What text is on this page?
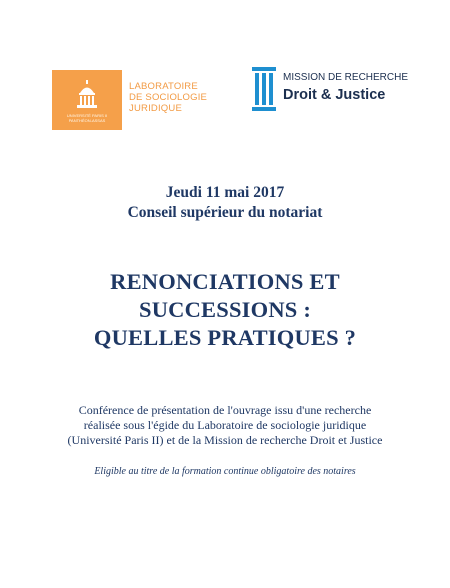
UNIVERSITÉ PARIS II
PANTHÉON-ASSAS
LABORATOIRE
DE SOCIOLOGIE
JURIDIQUE
MISSION DE RECHERCHE
Droit & Justice
Jeudi 11 mai 2017
Conseil supérieur du notariat
RENONCIATIONS ET
SUCCESSIONS :
QUELLES PRATIQUES ?
Conférence de présentation de l'ouvrage issu d'une recherche
réalisée sous l'égide du Laboratoire de sociologie juridique
(Université Paris II) et de la Mission de recherche Droit et Justice
Eligible au titre de la formation continue obligatoire des notaires
